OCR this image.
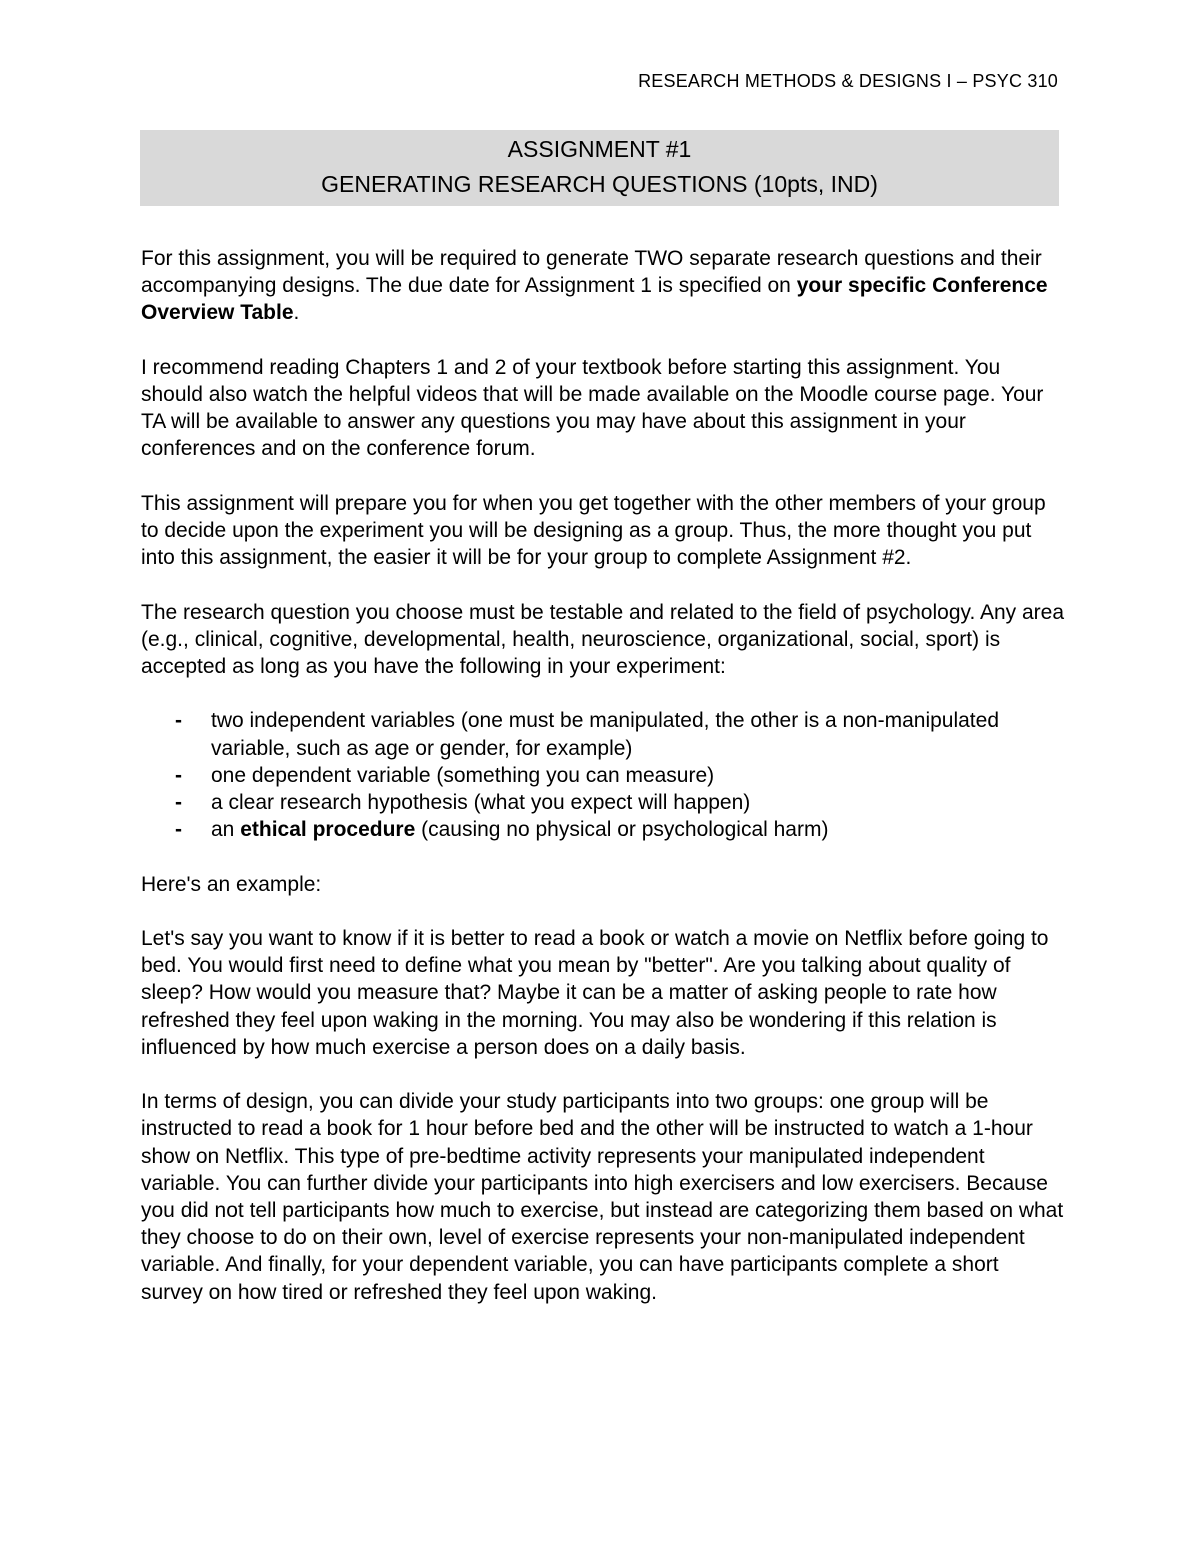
RESEARCH METHODS & DESIGNS I – PSYC 310
ASSIGNMENT #1
GENERATING RESEARCH QUESTIONS (10pts, IND)

For this assignment, you will be required to generate TWO separate research questions and their accompanying designs. The due date for Assignment 1 is specified on your specific Conference Overview Table.

I recommend reading Chapters 1 and 2 of your textbook before starting this assignment. You should also watch the helpful videos that will be made available on the Moodle course page. Your TA will be available to answer any questions you may have about this assignment in your conferences and on the conference forum.

This assignment will prepare you for when you get together with the other members of your group to decide upon the experiment you will be designing as a group. Thus, the more thought you put into this assignment, the easier it will be for your group to complete Assignment #2.

The research question you choose must be testable and related to the field of psychology. Any area (e.g., clinical, cognitive, developmental, health, neuroscience, organizational, social, sport) is accepted as long as you have the following in your experiment:

- two independent variables (one must be manipulated, the other is a non-manipulated variable, such as age or gender, for example)
- one dependent variable (something you can measure)
- a clear research hypothesis (what you expect will happen)
- an ethical procedure (causing no physical or psychological harm)

Here's an example:

Let's say you want to know if it is better to read a book or watch a movie on Netflix before going to bed. You would first need to define what you mean by "better". Are you talking about quality of sleep? How would you measure that? Maybe it can be a matter of asking people to rate how refreshed they feel upon waking in the morning. You may also be wondering if this relation is influenced by how much exercise a person does on a daily basis.

In terms of design, you can divide your study participants into two groups: one group will be instructed to read a book for 1 hour before bed and the other will be instructed to watch a 1-hour show on Netflix. This type of pre-bedtime activity represents your manipulated independent variable. You can further divide your participants into high exercisers and low exercisers. Because you did not tell participants how much to exercise, but instead are categorizing them based on what they choose to do on their own, level of exercise represents your non-manipulated independent variable. And finally, for your dependent variable, you can have participants complete a short survey on how tired or refreshed they feel upon waking.
